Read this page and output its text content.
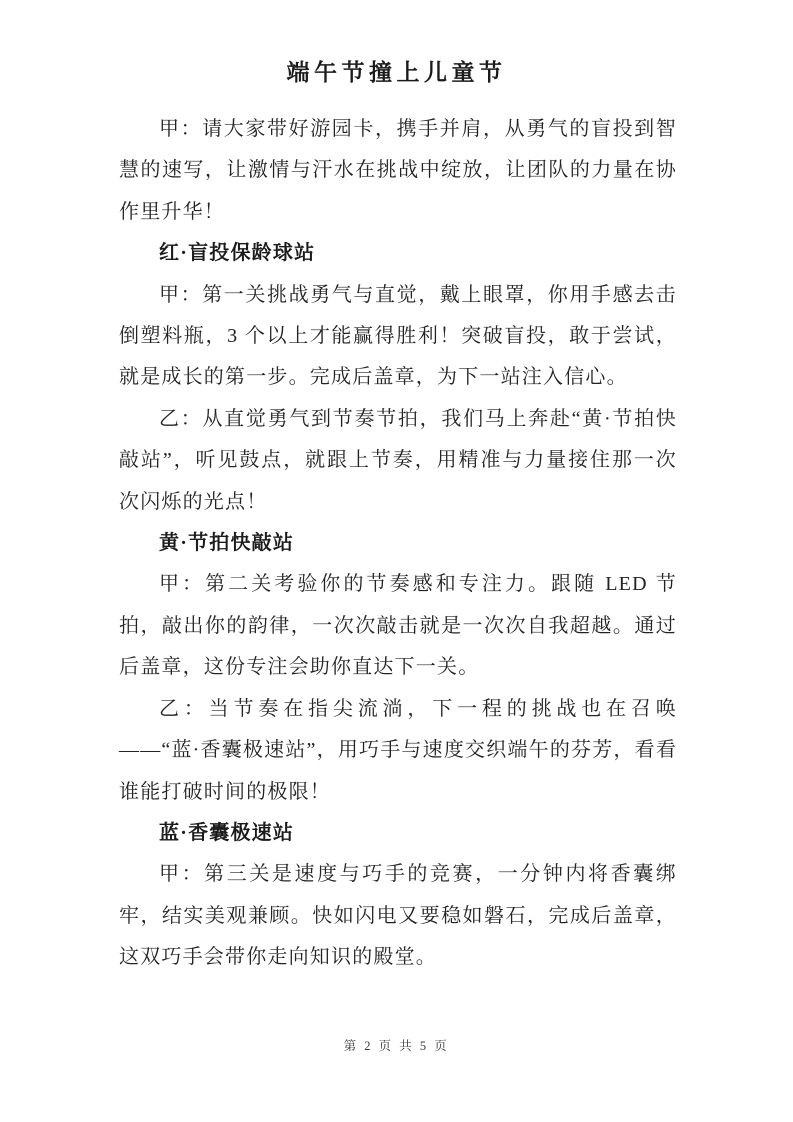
端午节撞上儿童节

甲：请大家带好游园卡，携手并肩，从勇气的盲投到智慧的速写，让激情与汗水在挑战中绽放，让团队的力量在协作里升华！

红·盲投保龄球站

甲：第一关挑战勇气与直觉，戴上眼罩，你用手感去击倒塑料瓶，3 个以上才能赢得胜利！突破盲投，敢于尝试，就是成长的第一步。完成后盖章，为下一站注入信心。

乙：从直觉勇气到节奏节拍，我们马上奔赴“黄·节拍快敲站”，听见鼓点，就跟上节奏，用精准与力量接住那一次次闪烁的光点！

黄·节拍快敲站

甲：第二关考验你的节奏感和专注力。跟随 LED 节拍，敲出你的韵律，一次次敲击就是一次次自我超越。通过后盖章，这份专注会助你直达下一关。

乙：当节奏在指尖流淌，下一程的挑战也在召唤——“蓝·香囊极速站”，用巧手与速度交织端午的芬芳，看看谁能打破时间的极限！

蓝·香囊极速站

甲：第三关是速度与巧手的竞赛，一分钟内将香囊绑牢，结实美观兼顾。快如闪电又要稳如磐石，完成后盖章，这双巧手会带你走向知识的殿堂。

第 2 页 共 5 页
